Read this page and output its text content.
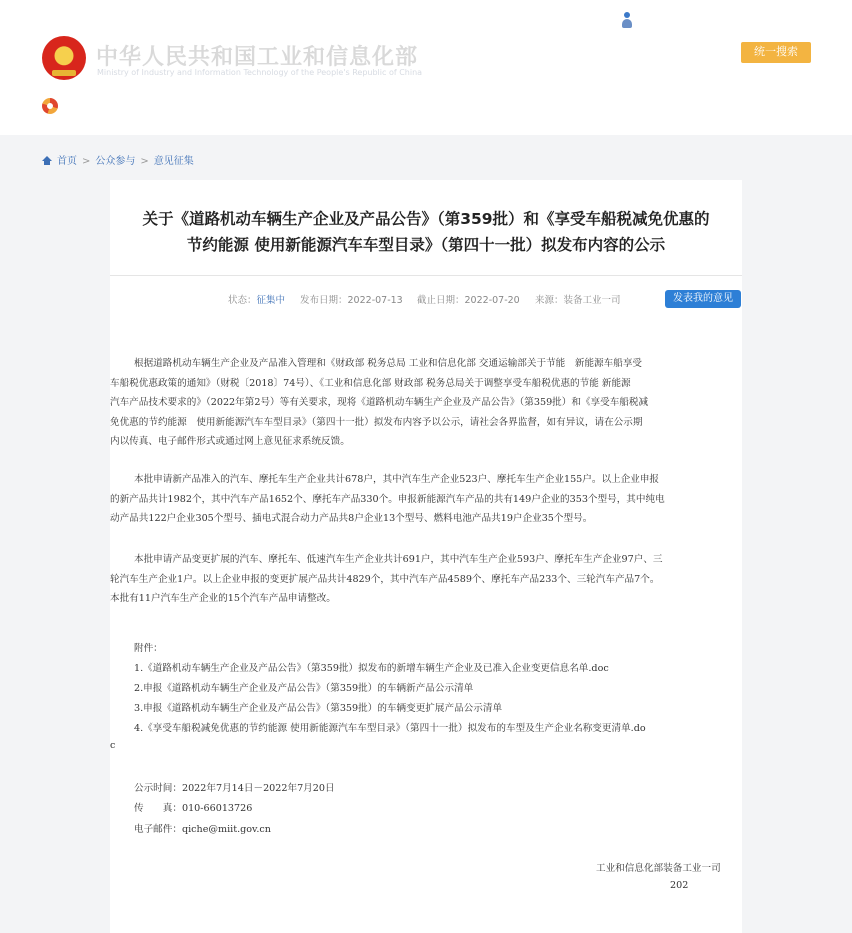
中华人民共和国工业和信息化部
Ministry of Industry and Information Technology of the People's Republic of China
统一搜索
首页 > 公众参与 > 意见征集
关于《道路机动车辆生产企业及产品公告》（第359批）和《享受车船税减免优惠的
节约能源 使用新能源汽车车型目录》（第四十一批）拟发布内容的公示
状态：征集中 发布日期：2022-07-13 截止日期：2022-07-20 来源：装备工业一司	发表我的意见
根据道路机动车辆生产企业及产品准入管理和《财政部 税务总局 工业和信息化部 交通运输部关于节能　新能源车船享受
车船税优惠政策的通知》（财税〔2018〕74号）、《工业和信息化部 财政部 税务总局关于调整享受车船税优惠的节能 新能源
汽车产品技术要求的》（2022年第2号）等有关要求，现将《道路机动车辆生产企业及产品公告》（第359批）和《享受车船税减
免优惠的节约能源　使用新能源汽车车型目录》（第四十一批）拟发布内容予以公示，请社会各界监督，如有异议，请在公示期
内以传真、电子邮件形式或通过网上意见征求系统反馈。
本批申请新产品准入的汽车、摩托车生产企业共计678户，其中汽车生产企业523户、摩托车生产企业155户。以上企业申报
的新产品共计1982个，其中汽车产品1652个、摩托车产品330个。申报新能源汽车产品的共有149户企业的353个型号，其中纯电
动产品共122户企业305个型号、插电式混合动力产品共8户企业13个型号、燃料电池产品共19户企业35个型号。
本批申请产品变更扩展的汽车、摩托车、低速汽车生产企业共计691户，其中汽车生产企业593户、摩托车生产企业97户、三
轮汽车生产企业1户。以上企业申报的变更扩展产品共计4829个，其中汽车产品4589个、摩托车产品233个、三轮汽车产品7个。
本批有11户汽车生产企业的15个汽车产品申请整改。
附件：
1.《道路机动车辆生产企业及产品公告》（第359批）拟发布的新增车辆生产企业及已准入企业变更信息名单.doc
2.申报《道路机动车辆生产企业及产品公告》（第359批）的车辆新产品公示清单
3.申报《道路机动车辆生产企业及产品公告》（第359批）的车辆变更扩展产品公示清单
4.《享受车船税减免优惠的节约能源 使用新能源汽车车型目录》（第四十一批）拟发布的车型及生产企业名称变更清单.do
c
公示时间：2022年7月14日－2022年7月20日
传　　真：010-66013726
电子邮件：qiche@miit.gov.cn
工业和信息化部装备工业一司
202
